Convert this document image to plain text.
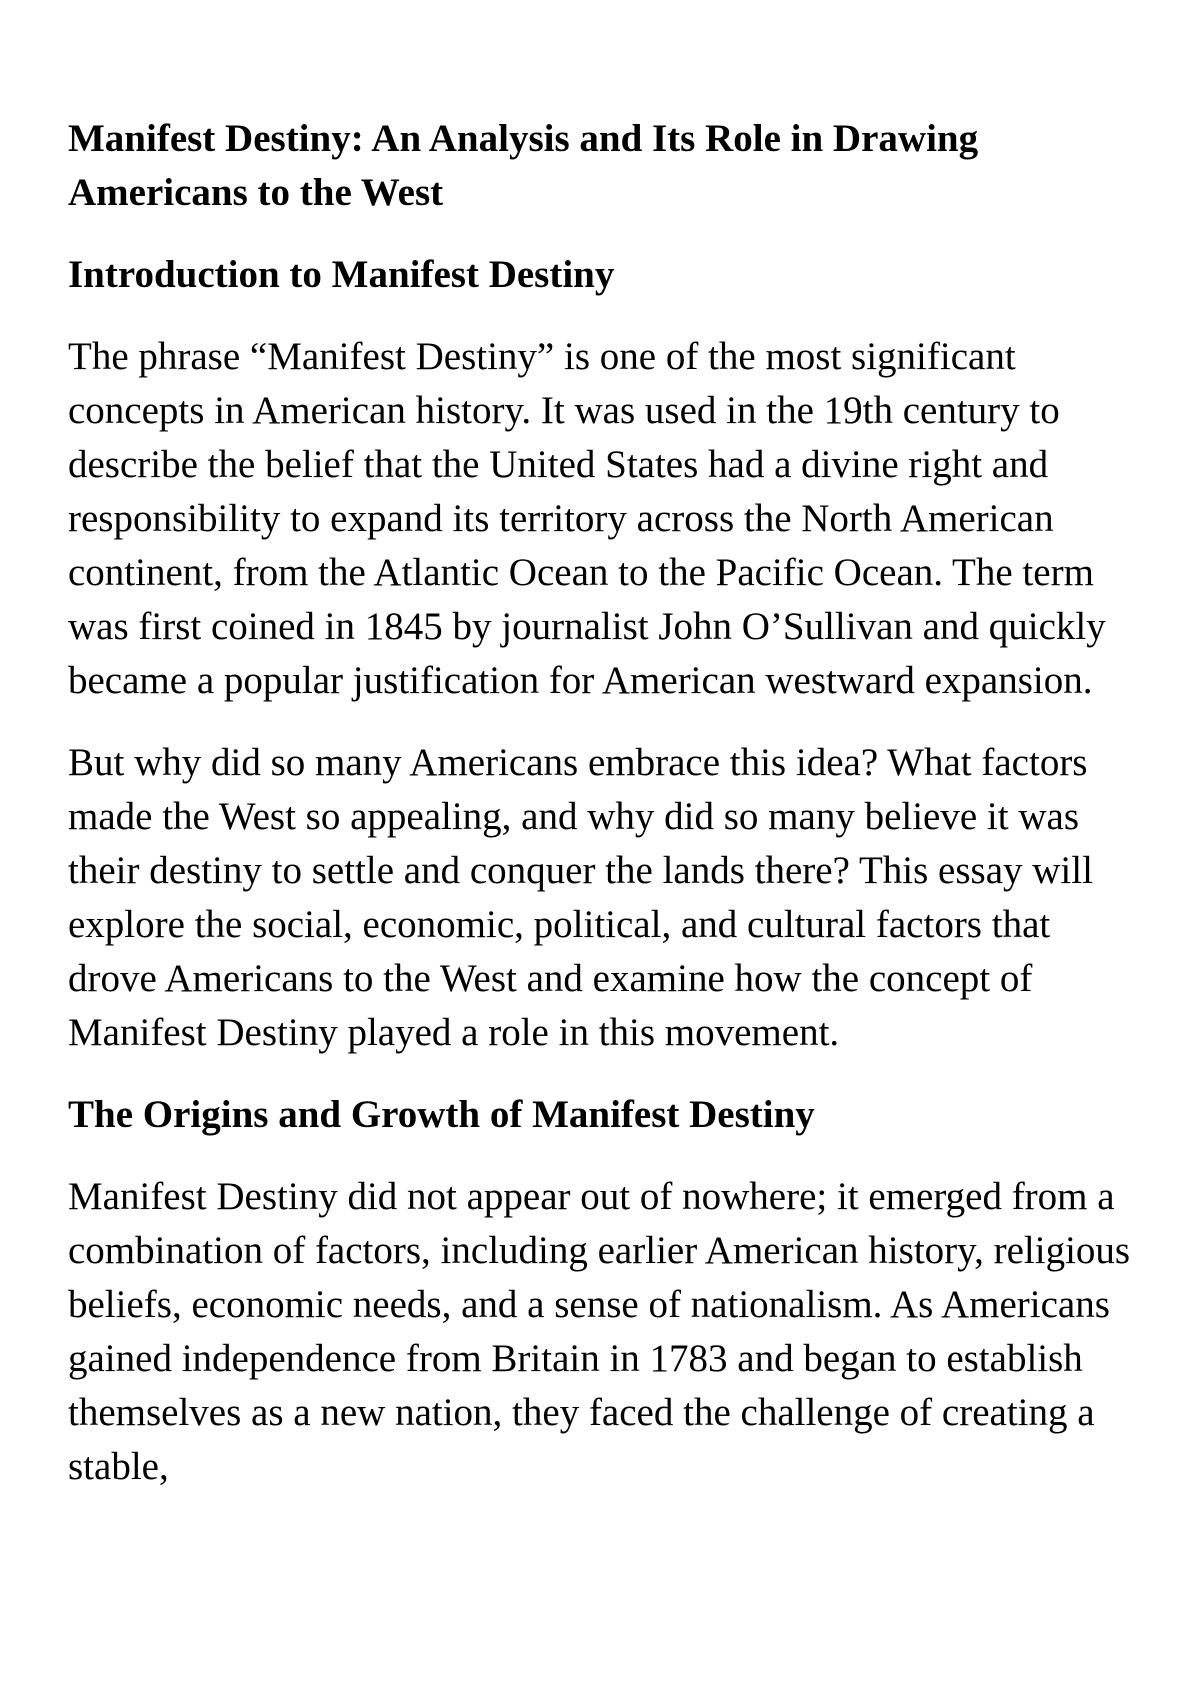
Manifest Destiny: An Analysis and Its Role in Drawing Americans to the West
Introduction to Manifest Destiny

The phrase “Manifest Destiny” is one of the most significant concepts in American history. It was used in the 19th century to describe the belief that the United States had a divine right and responsibility to expand its territory across the North American continent, from the Atlantic Ocean to the Pacific Ocean. The term was first coined in 1845 by journalist John O’Sullivan and quickly became a popular justification for American westward expansion.

But why did so many Americans embrace this idea? What factors made the West so appealing, and why did so many believe it was their destiny to settle and conquer the lands there? This essay will explore the social, economic, political, and cultural factors that drove Americans to the West and examine how the concept of Manifest Destiny played a role in this movement.

The Origins and Growth of Manifest Destiny

Manifest Destiny did not appear out of nowhere; it emerged from a combination of factors, including earlier American history, religious beliefs, economic needs, and a sense of nationalism. As Americans gained independence from Britain in 1783 and began to establish themselves as a new nation, they faced the challenge of creating a stable,
